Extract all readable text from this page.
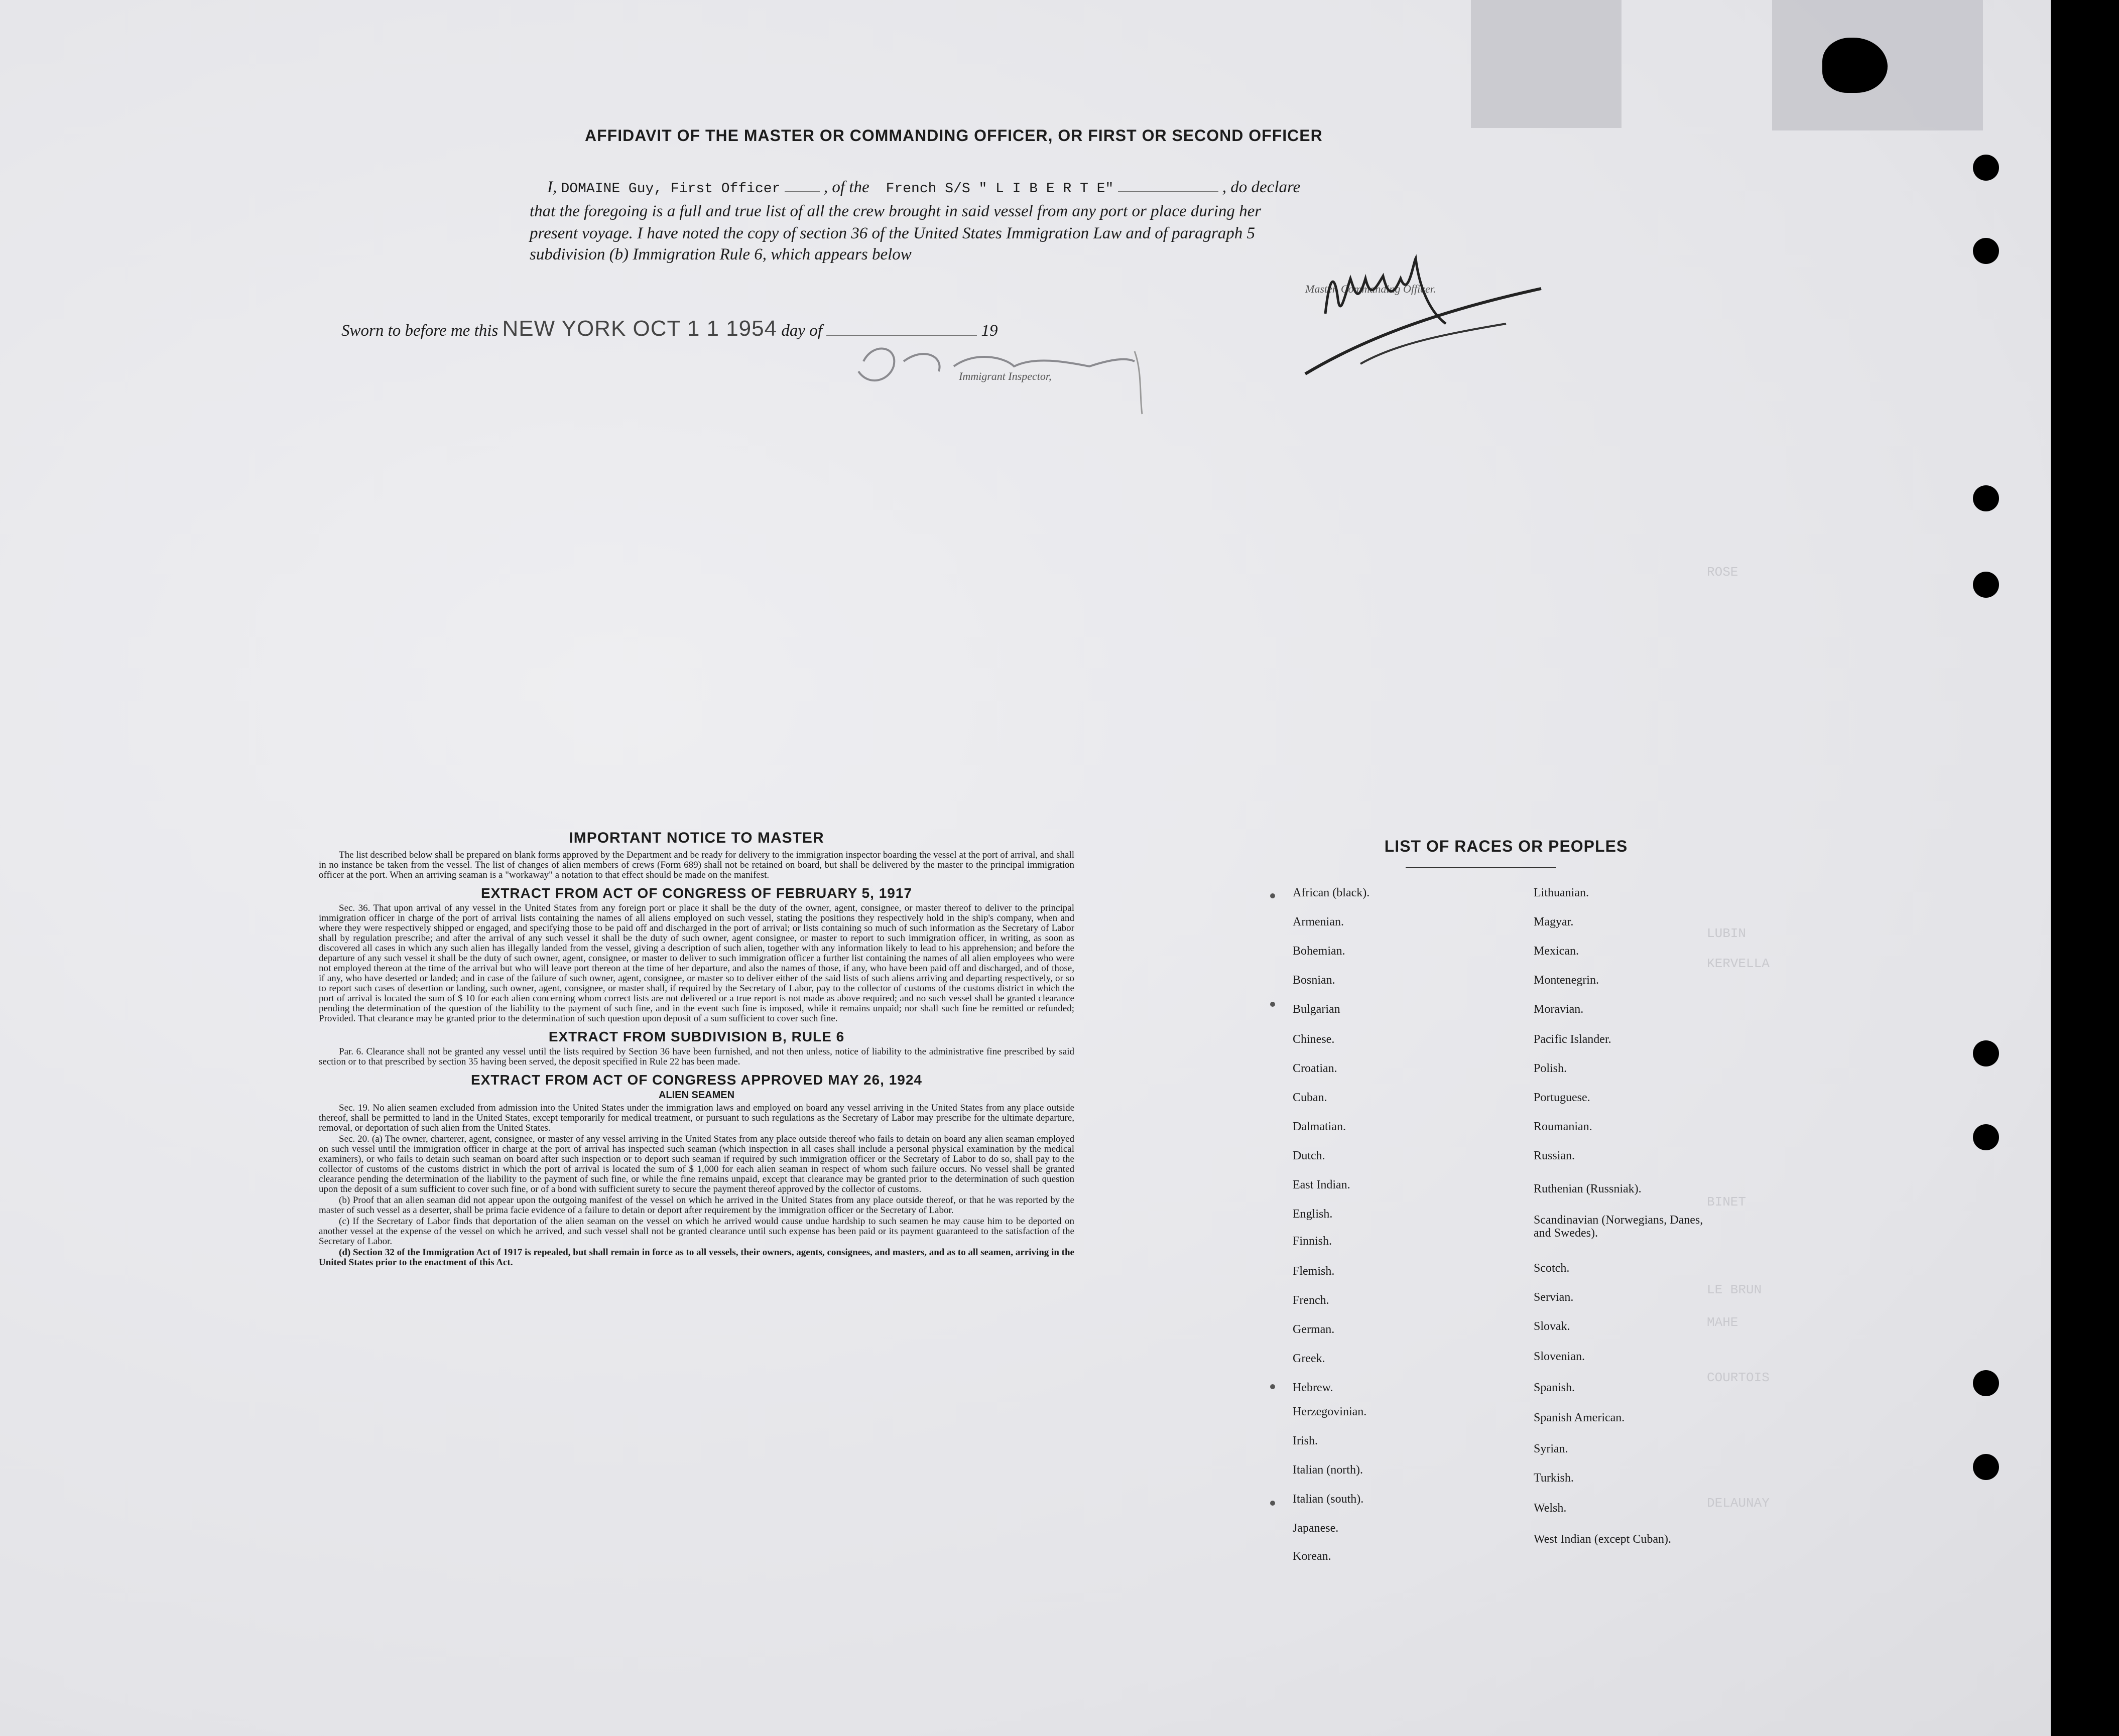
ROSE
LUBIN
KERVELLA
LE BRUN
MAHE
COURTOIS
BINET
DELAUNAY
AFFIDAVIT OF THE MASTER OR COMMANDING OFFICER, OR FIRST OR SECOND OFFICER
I, DOMAINE Guy, First Officer	, of the French S/S " L I B E R T E"	, do declare
that the foregoing is a full and true list of all the crew brought in said vessel from any port or place during her
present voyage. I have noted the copy of section 36 of the United States Immigration Law and of paragraph 5
subdivision (b) Immigration Rule 6, which appears below
Master, Commanding Officer.
Sworn to before me this NEW YORK OCT 1 1 1954 day of	19
Immigrant Inspector,
IMPORTANT NOTICE TO MASTER

The list described below shall be prepared on blank forms approved by the Department and be ready for delivery to the immigration inspector boarding the vessel at the port of arrival, and shall in no instance be taken from the vessel. The list of changes of alien members of crews (Form 689) shall not be retained on board, but shall be delivered by the master to the principal immigration officer at the port. When an arriving seaman is a "workaway" a notation to that effect should be made on the manifest.

EXTRACT FROM ACT OF CONGRESS OF FEBRUARY 5, 1917

Sec. 36. That upon arrival of any vessel in the United States from any foreign port or place it shall be the duty of the owner, agent, consignee, or master thereof to deliver to the principal immigration officer in charge of the port of arrival lists containing the names of all aliens employed on such vessel, stating the positions they respectively hold in the ship's company, when and where they were respectively shipped or engaged, and specifying those to be paid off and discharged in the port of arrival; or lists containing so much of such information as the Secretary of Labor shall by regulation prescribe; and after the arrival of any such vessel it shall be the duty of such owner, agent consignee, or master to report to such immigration officer, in writing, as soon as discovered all cases in which any such alien has illegally landed from the vessel, giving a description of such alien, together with any information likely to lead to his apprehension; and before the departure of any such vessel it shall be the duty of such owner, agent, consignee, or master to deliver to such immigration officer a further list containing the names of all alien employees who were not employed thereon at the time of the arrival but who will leave port thereon at the time of her departure, and also the names of those, if any, who have been paid off and discharged, and of those, if any, who have deserted or landed; and in case of the failure of such owner, agent, consignee, or master so to deliver either of the said lists of such aliens arriving and departing respectively, or so to report such cases of desertion or landing, such owner, agent, consignee, or master shall, if required by the Secretary of Labor, pay to the collector of customs of the customs district in which the port of arrival is located the sum of $ 10 for each alien concerning whom correct lists are not delivered or a true report is not made as above required; and no such vessel shall be granted clearance pending the determination of the question of the liability to the payment of such fine, and in the event such fine is imposed, while it remains unpaid; nor shall such fine be remitted or refunded; Provided. That clearance may be granted prior to the determination of such question upon deposit of a sum sufficient to cover such fine.

EXTRACT FROM SUBDIVISION B, RULE 6

Par. 6. Clearance shall not be granted any vessel until the lists required by Section 36 have been furnished, and not then unless, notice of liability to the administrative fine prescribed by said section or to that prescribed by section 35 having been served, the deposit specified in Rule 22 has been made.

EXTRACT FROM ACT OF CONGRESS APPROVED MAY 26, 1924
ALIEN SEAMEN

Sec. 19. No alien seamen excluded from admission into the United States under the immigration laws and employed on board any vessel arriving in the United States from any place outside thereof, shall be permitted to land in the United States, except temporarily for medical treatment, or pursuant to such regulations as the Secretary of Labor may prescribe for the ultimate departure, removal, or deportation of such alien from the United States.

Sec. 20. (a) The owner, charterer, agent, consignee, or master of any vessel arriving in the United States from any place outside thereof who fails to detain on board any alien seaman employed on such vessel until the immigration officer in charge at the port of arrival has inspected such seaman (which inspection in all cases shall include a personal physical examination by the medical examiners), or who fails to detain such seaman on board after such inspection or to deport such seaman if required by such immigration officer or the Secretary of Labor to do so, shall pay to the collector of customs of the customs district in which the port of arrival is located the sum of $ 1,000 for each alien seaman in respect of whom such failure occurs. No vessel shall be granted clearance pending the determination of the liability to the payment of such fine, or while the fine remains unpaid, except that clearance may be granted prior to the determination of such question upon the deposit of a sum sufficient to cover such fine, or of a bond with sufficient surety to secure the payment thereof approved by the collector of customs.

(b) Proof that an alien seaman did not appear upon the outgoing manifest of the vessel on which he arrived in the United States from any place outside thereof, or that he was reported by the master of such vessel as a deserter, shall be prima facie evidence of a failure to detain or deport after requirement by the immigration officer or the Secretary of Labor.

(c) If the Secretary of Labor finds that deportation of the alien seaman on the vessel on which he arrived would cause undue hardship to such seamen he may cause him to be deported on another vessel at the expense of the vessel on which he arrived, and such vessel shall not be granted clearance until such expense has been paid or its payment guaranteed to the satisfaction of the Secretary of Labor.

(d) Section 32 of the Immigration Act of 1917 is repealed, but shall remain in force as to all vessels, their owners, agents, consignees, and masters, and as to all seamen, arriving in the United States prior to the enactment of this Act.

LIST OF RACES OR PEOPLES
African (black).
Armenian.
Bohemian.
Bosnian.
Bulgarian
Chinese.
Croatian.
Cuban.
Dalmatian.
Dutch.
East Indian.
English.
Finnish.
Flemish.
French.
German.
Greek.
Hebrew.
Herzegovinian.
Irish.
Italian (north).
Italian (south).
Japanese.
Korean.
Lithuanian.
Magyar.
Mexican.
Montenegrin.
Moravian.
Pacific Islander.
Polish.
Portuguese.
Roumanian.
Russian.
Ruthenian (Russniak).
Scandinavian (Norwegians, Danes, and Swedes).
Scotch.
Servian.
Slovak.
Slovenian.
Spanish.
Spanish American.
Syrian.
Turkish.
Welsh.
West Indian (except Cuban).
